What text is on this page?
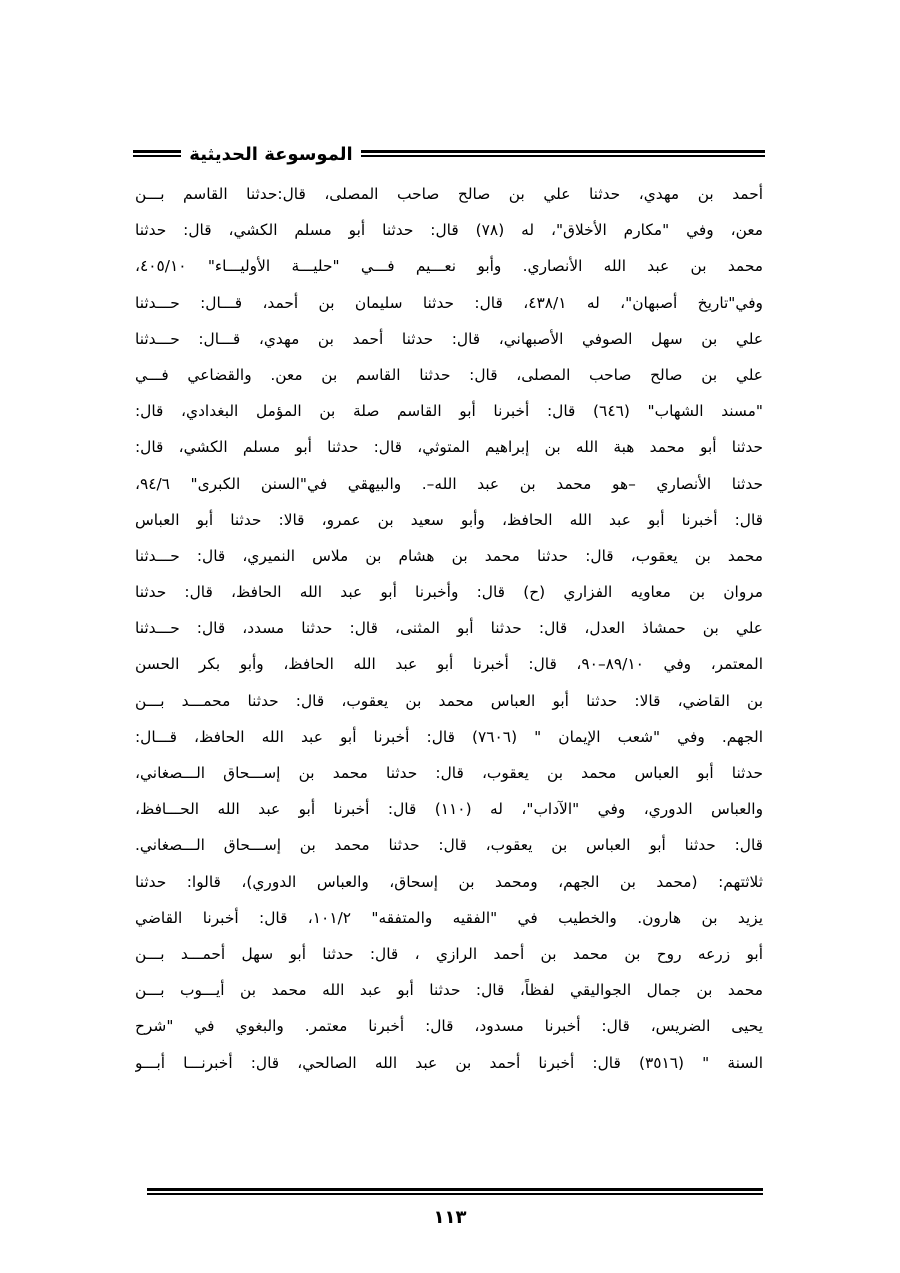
الموسوعة الحديثية
أحمد بن مهدي، حدثنا علي بن صالح صاحب المصلى، قال:حدثنا القاسم بـــن
معن، وفي "مكارم الأخلاق"، له (٧٨) قال: حدثنا أبو مسلم الكشي، قال: حدثنا
محمد بن عبد الله الأنصاري. وأبو نعـــيم فـــي "حليـــة الأوليـــاء" ٤٠٥/١٠،
وفي"تاريخ أصبهان"، له ٤٣٨/١، قال: حدثنا سليمان بن أحمد، قـــال: حـــدثنا
علي بن سهل الصوفي الأصبهاني، قال: حدثنا أحمد بن مهدي، قـــال: حـــدثنا
علي بن صالح صاحب المصلى، قال: حدثنا القاسم بن معن. والقضاعي فـــي
"مسند الشهاب" (٦٤٦) قال: أخبرنا أبو القاسم صلة بن المؤمل البغدادي، قال:
حدثنا أبو محمد هبة الله بن إبراهيم المتوثي، قال: حدثنا أبو مسلم الكشي، قال:
حدثنا الأنصاري –هو محمد بن عبد الله–. والبيهقي في"السنن الكبرى" ٩٤/٦،
قال: أخبرنا أبو عبد الله الحافظ، وأبو سعيد بن عمرو، قالا: حدثنا أبو العباس
محمد بن يعقوب، قال: حدثنا محمد بن هشام بن ملاس النميري، قال: حـــدثنا
مروان بن معاويه الفزاري (ح) قال: وأخبرنا أبو عبد الله الحافظ، قال: حدثنا
علي بن حمشاذ العدل، قال: حدثنا أبو المثنى، قال: حدثنا مسدد، قال: حـــدثنا
المعتمر، وفي ٨٩/١٠–٩٠، قال: أخبرنا أبو عبد الله الحافظ، وأبو بكر الحسن
بن القاضي، قالا: حدثنا أبو العباس محمد بن يعقوب، قال: حدثنا محمـــد بـــن
الجهم. وفي "شعب الإيمان " (٧٦٠٦) قال: أخبرنا أبو عبد الله الحافظ، قـــال:
حدثنا أبو العباس محمد بن يعقوب، قال: حدثنا محمد بن إســـحاق الـــصغاني،
والعباس الدوري، وفي "الآداب"، له (١١٠) قال: أخبرنا أبو عبد الله الحـــافظ،
قال: حدثنا أبو العباس بن يعقوب، قال: حدثنا محمد بن إســـحاق الـــصغاني.
ثلاثتهم: (محمد بن الجهم، ومحمد بن إسحاق، والعباس الدوري)، قالوا: حدثنا
يزيد بن هارون. والخطيب في "الفقيه والمتفقه" ١٠١/٢، قال: أخبرنا القاضي
أبو زرعه روح بن محمد بن أحمد الرازي ، قال: حدثنا أبو سهل أحمـــد بـــن
محمد بن جمال الجواليقي لفظاً، قال: حدثنا أبو عبد الله محمد بن أيـــوب بـــن
يحيى الضريس، قال: أخبرنا مسدود، قال: أخبرنا معتمر. والبغوي في "شرح
السنة " (٣٥١٦) قال: أخبرنا أحمد بن عبد الله الصالحي، قال: أخبرنـــا أبـــو
١١٣
